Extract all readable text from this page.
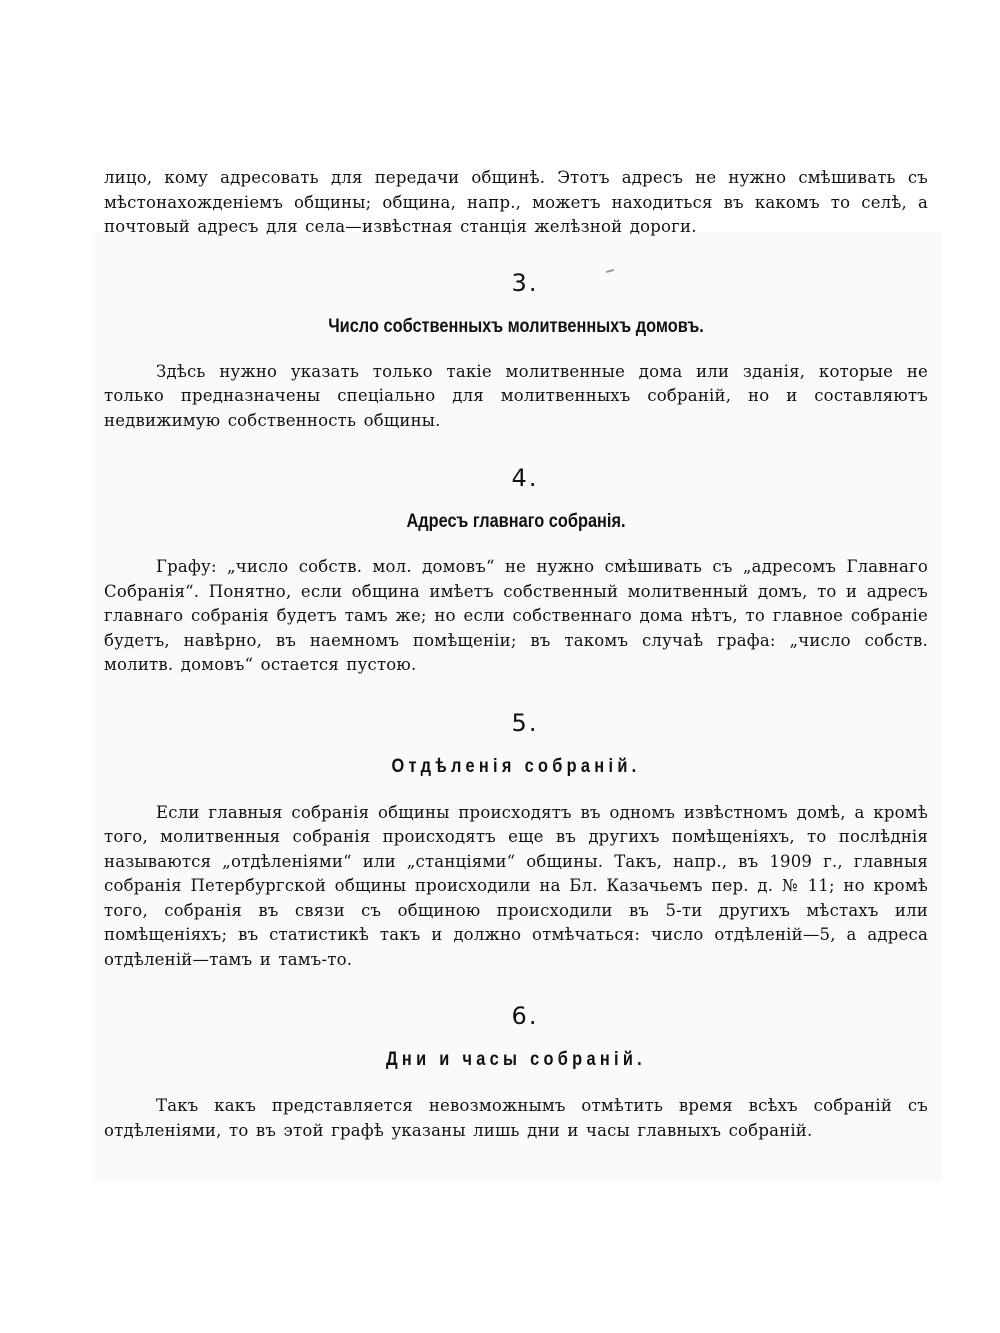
лицо, кому адресовать для передачи общинѣ. Этотъ адресъ не нужно смѣшивать съ мѣстонахожденіемъ общины; община, напр., можетъ находиться въ какомъ то селѣ, а почтовый адресъ для села—извѣстная станція желѣзной дороги.

3.

Число собственныхъ молитвенныхъ домовъ.

Здѣсь нужно указать только такіе молитвенные дома или зданія, которые не только предназначены спеціально для молитвенныхъ собраній, но и составляютъ недвижимую собственность общины.

4.

Адресъ главнаго собранія.

Графу: „число собств. мол. домовъ“ не нужно смѣшивать съ „адресомъ Главнаго Собранія“. Понятно, если община имѣетъ собственный молитвенный домъ, то и адресъ главнаго собранія будетъ тамъ же; но если собственнаго дома нѣтъ, то главное собраніе будетъ, навѣрно, въ наемномъ помѣщеніи; въ такомъ случаѣ графа: „число собств. молитв. домовъ“ остается пустою.

5.

Отдѣленія собраній.

Если главныя собранія общины происходятъ въ одномъ извѣстномъ домѣ, а кромѣ того, молитвенныя собранія происходятъ еще въ другихъ помѣщеніяхъ, то послѣднія называются „отдѣленіями“ или „станціями“ общины. Такъ, напр., въ 1909 г., главныя собранія Петербургской общины происходили на Бл. Казачьемъ пер. д. № 11; но кромѣ того, собранія въ связи съ общиною происходили въ 5-ти другихъ мѣстахъ или помѣщеніяхъ; въ статистикѣ такъ и должно отмѣчаться: число отдѣленій—5, а адреса отдѣленій—тамъ и тамъ-то.

6.

Дни и часы собраній.

Такъ какъ представляется невозможнымъ отмѣтить время всѣхъ собраній съ отдѣленіями, то въ этой графѣ указаны лишь дни и часы главныхъ собраній.
